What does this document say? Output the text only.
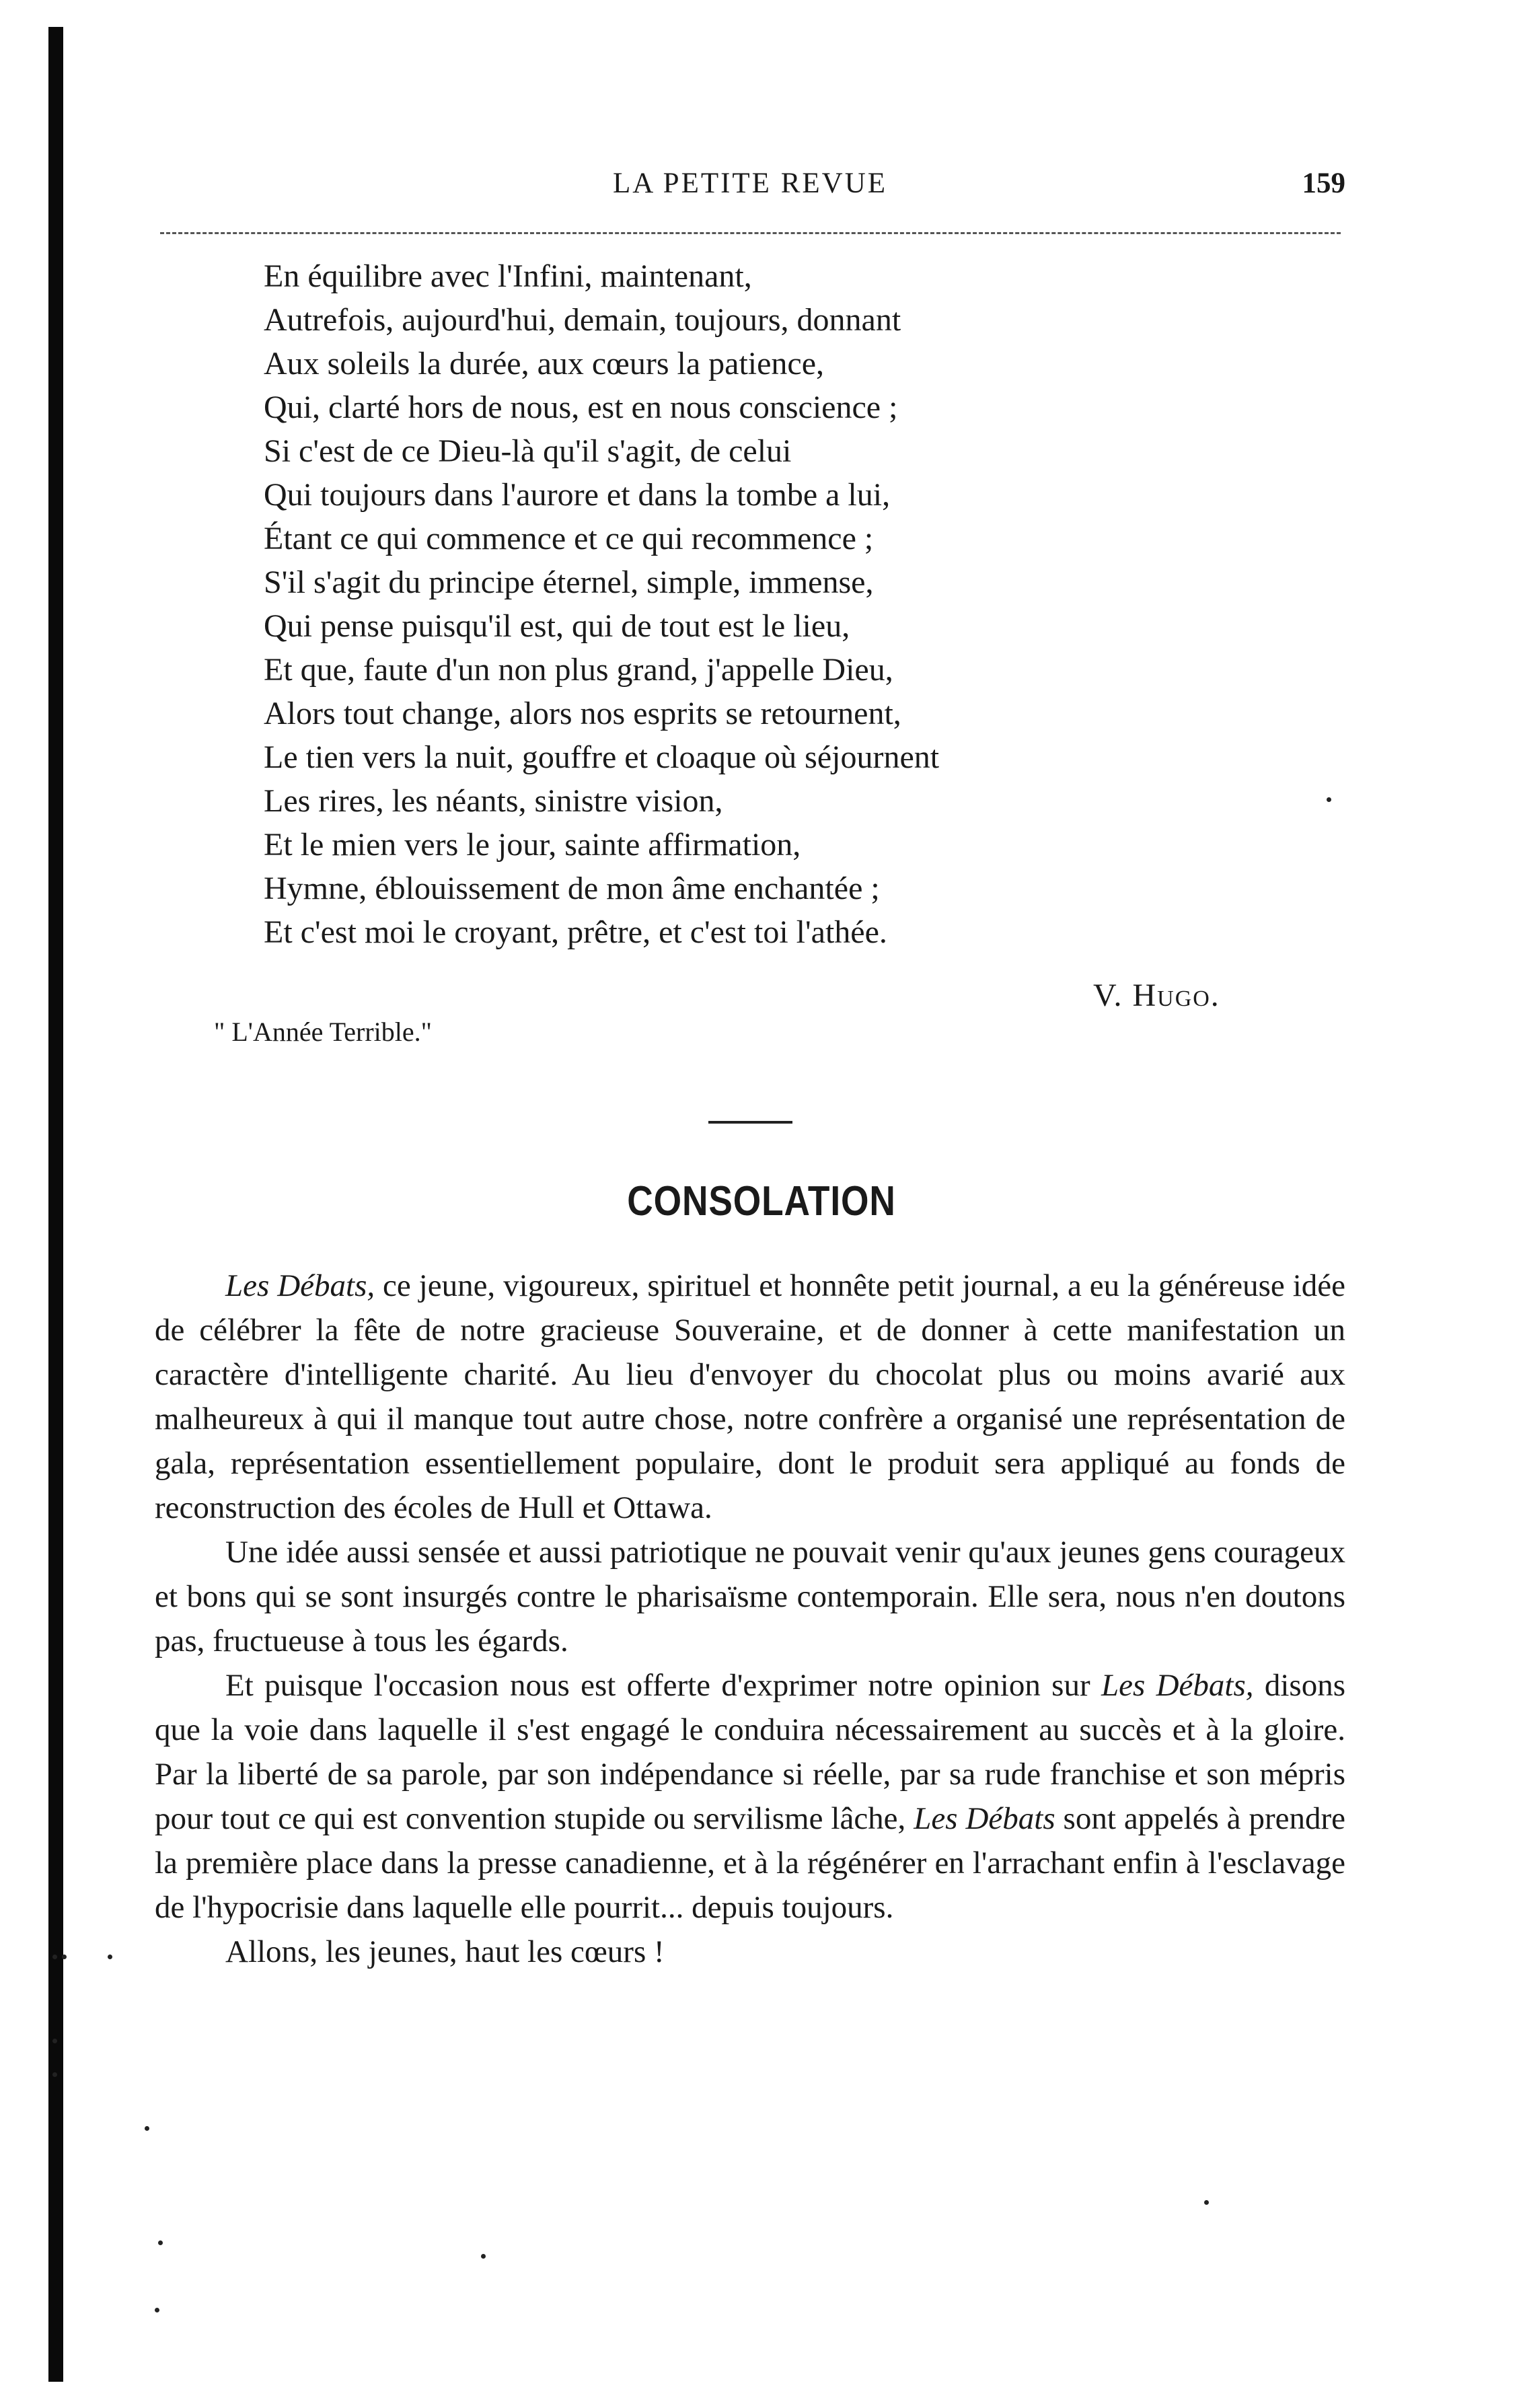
LA PETITE REVUE	159
En équilibre avec l'Infini, maintenant,
Autrefois, aujourd'hui, demain, toujours, donnant
Aux soleils la durée, aux cœurs la patience,
Qui, clarté hors de nous, est en nous conscience ;
Si c'est de ce Dieu-là qu'il s'agit, de celui
Qui toujours dans l'aurore et dans la tombe a lui,
Étant ce qui commence et ce qui recommence ;
S'il s'agit du principe éternel, simple, immense,
Qui pense puisqu'il est, qui de tout est le lieu,
Et que, faute d'un non plus grand, j'appelle Dieu,
Alors tout change, alors nos esprits se retournent,
Le tien vers la nuit, gouffre et cloaque où séjournent
Les rires, les néants, sinistre vision,
Et le mien vers le jour, sainte affirmation,
Hymne, éblouissement de mon âme enchantée ;
Et c'est moi le croyant, prêtre, et c'est toi l'athée.
V. Hugo.
" L'Année Terrible."
CONSOLATION

Les Débats, ce jeune, vigoureux, spirituel et honnête petit journal, a eu la généreuse idée de célébrer la fête de notre gracieuse Souveraine, et de donner à cette manifestation un caractère d'intelligente charité. Au lieu d'envoyer du chocolat plus ou moins avarié aux malheureux à qui il manque tout autre chose, notre confrère a organisé une représentation de gala, représentation essentiellement populaire, dont le produit sera appliqué au fonds de reconstruction des écoles de Hull et Ottawa.

Une idée aussi sensée et aussi patriotique ne pouvait venir qu'aux jeunes gens courageux et bons qui se sont insurgés contre le pharisaïsme contemporain. Elle sera, nous n'en doutons pas, fructueuse à tous les égards.

Et puisque l'occasion nous est offerte d'exprimer notre opinion sur Les Débats, disons que la voie dans laquelle il s'est engagé le conduira nécessairement au succès et à la gloire. Par la liberté de sa parole, par son indépendance si réelle, par sa rude franchise et son mépris pour tout ce qui est convention stupide ou servilisme lâche, Les Débats sont appelés à prendre la première place dans la presse canadienne, et à la régénérer en l'arrachant enfin à l'esclavage de l'hypocrisie dans laquelle elle pourrit... depuis toujours.

Allons, les jeunes, haut les cœurs !
